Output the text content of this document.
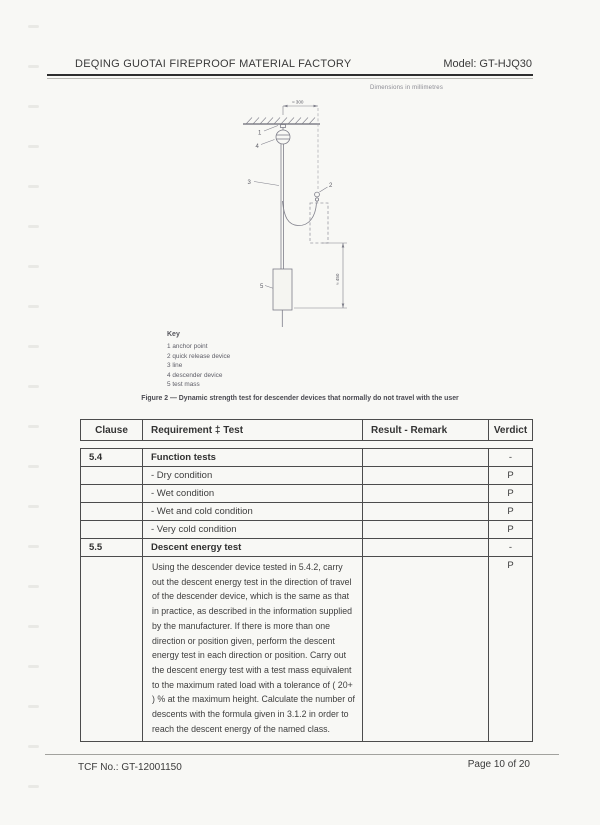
DEQING GUOTAI FIREPROOF MATERIAL FACTORY	Model: GT-HJQ30
Dimensions in millimetres
1
2
3
4
5
≈ 300
≈ 450
Key
1 anchor point
2 quick release device
3 line
4 descender device
5 test mass
Figure 2 — Dynamic strength test for descender devices that normally do not travel with the user
Clause	Requirement ‡ Test	Result - Remark	Verdict
5.4	Function tests		-
	- Dry condition		P
	- Wet condition		P
	- Wet and cold condition		P
	- Very cold condition		P
5.5	Descent energy test		-
	Using the descender device tested in 5.4.2, carry out the descent energy test in the direction of travel of the descender device, which is the same as that in practice, as described in the information supplied by the manufacturer. If there is more than one direction or position given, perform the descent energy test in each direction or position. Carry out the descent energy test with a test mass equivalent to the maximum rated load with a tolerance of ( 20+ ) % at the maximum height. Calculate the number of descents with the formula given in 3.1.2 in order to reach the descent energy of the named class.		P
TCF No.: GT-12001150	Page 10 of 20
